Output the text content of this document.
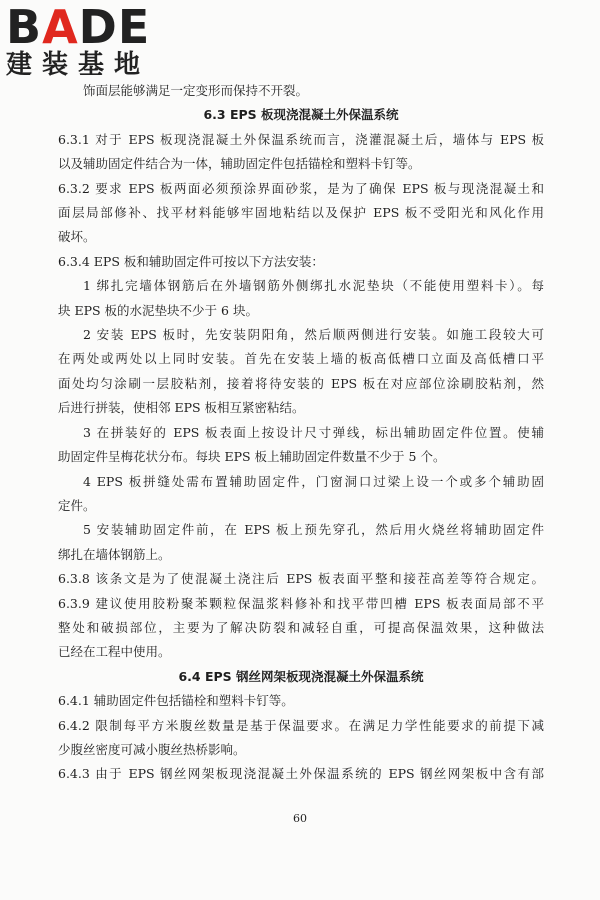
BADE
建装基地
饰面层能够满足一定变形而保持不开裂。
6.3 EPS 板现浇混凝土外保温系统
6.3.1 对于 EPS 板现浇混凝土外保温系统而言，浇灌混凝土后，墙体与 EPS 板
以及辅助固定件结合为一体，辅助固定件包括锚栓和塑料卡钉等。
6.3.2 要求 EPS 板两面必须预涂界面砂浆，是为了确保 EPS 板与现浇混凝土和
面层局部修补、找平材料能够牢固地粘结以及保护 EPS 板不受阳光和风化作用
破坏。
6.3.4 EPS 板和辅助固定件可按以下方法安装：
1 绑扎完墙体钢筋后在外墙钢筋外侧绑扎水泥垫块（不能使用塑料卡）。每
块 EPS 板的水泥垫块不少于 6 块。
2 安装 EPS 板时，先安装阴阳角，然后顺两侧进行安装。如施工段较大可
在两处或两处以上同时安装。首先在安装上墙的板高低槽口立面及高低槽口平
面处均匀涂刷一层胶粘剂，接着将待安装的 EPS 板在对应部位涂刷胶粘剂，然
后进行拼装，使相邻 EPS 板相互紧密粘结。
3 在拼装好的 EPS 板表面上按设计尺寸弹线，标出辅助固定件位置。使辅
助固定件呈梅花状分布。每块 EPS 板上辅助固定件数量不少于 5 个。
4 EPS 板拼缝处需布置辅助固定件，门窗洞口过梁上设一个或多个辅助固
定件。
5 安装辅助固定件前，在 EPS 板上预先穿孔，然后用火烧丝将辅助固定件
绑扎在墙体钢筋上。
6.3.8 该条文是为了使混凝土浇注后 EPS 板表面平整和接茬高差等符合规定。
6.3.9 建议使用胶粉聚苯颗粒保温浆料修补和找平带凹槽 EPS 板表面局部不平
整处和破损部位，主要为了解决防裂和减轻自重，可提高保温效果，这种做法
已经在工程中使用。
6.4 EPS 钢丝网架板现浇混凝土外保温系统
6.4.1 辅助固定件包括锚栓和塑料卡钉等。
6.4.2 限制每平方米腹丝数量是基于保温要求。在满足力学性能要求的前提下减
少腹丝密度可减小腹丝热桥影响。
6.4.3 由于 EPS 钢丝网架板现浇混凝土外保温系统的 EPS 钢丝网架板中含有部
60
